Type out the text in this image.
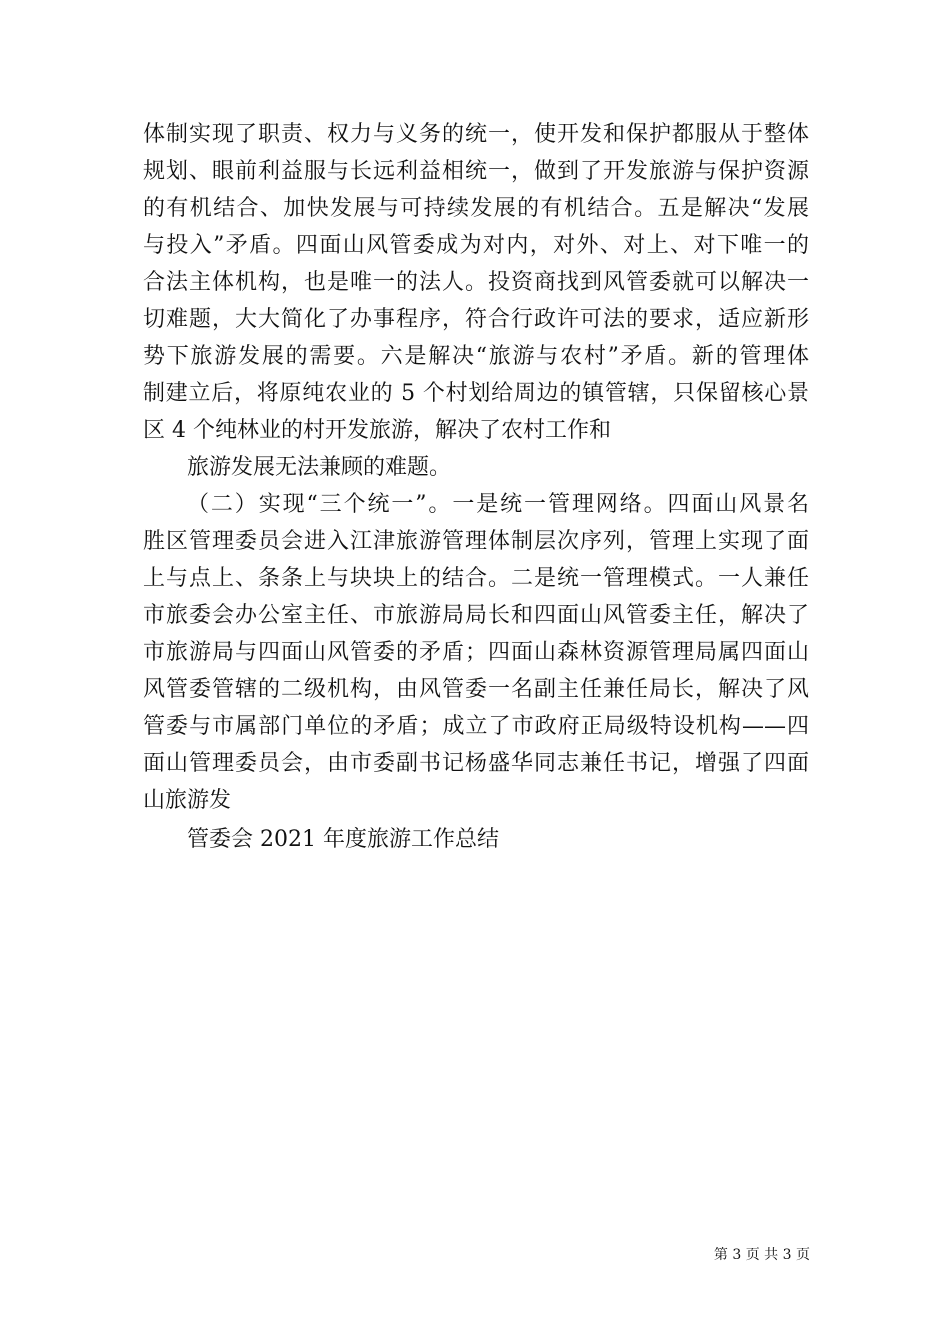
体制实现了职责、权力与义务的统一，使开发和保护都服从于整体
规划、眼前利益服与长远利益相统一，做到了开发旅游与保护资源
的有机结合、加快发展与可持续发展的有机结合。五是解决“发展
与投入”矛盾。四面山风管委成为对内，对外、对上、对下唯一的
合法主体机构，也是唯一的法人。投资商找到风管委就可以解决一
切难题，大大简化了办事程序，符合行政许可法的要求，适应新形
势下旅游发展的需要。六是解决“旅游与农村”矛盾。新的管理体
制建立后，将原纯农业的 5 个村划给周边的镇管辖，只保留核心景
区 4 个纯林业的村开发旅游，解决了农村工作和
旅游发展无法兼顾的难题。
（二）实现“三个统一”。一是统一管理网络。四面山风景名
胜区管理委员会进入江津旅游管理体制层次序列，管理上实现了面
上与点上、条条上与块块上的结合。二是统一管理模式。一人兼任
市旅委会办公室主任、市旅游局局长和四面山风管委主任，解决了
市旅游局与四面山风管委的矛盾；四面山森林资源管理局属四面山
风管委管辖的二级机构，由风管委一名副主任兼任局长，解决了风
管委与市属部门单位的矛盾；成立了市政府正局级特设机构——四
面山管理委员会，由市委副书记杨盛华同志兼任书记，增强了四面
山旅游发
管委会 2021 年度旅游工作总结
第 3 页 共 3 页
